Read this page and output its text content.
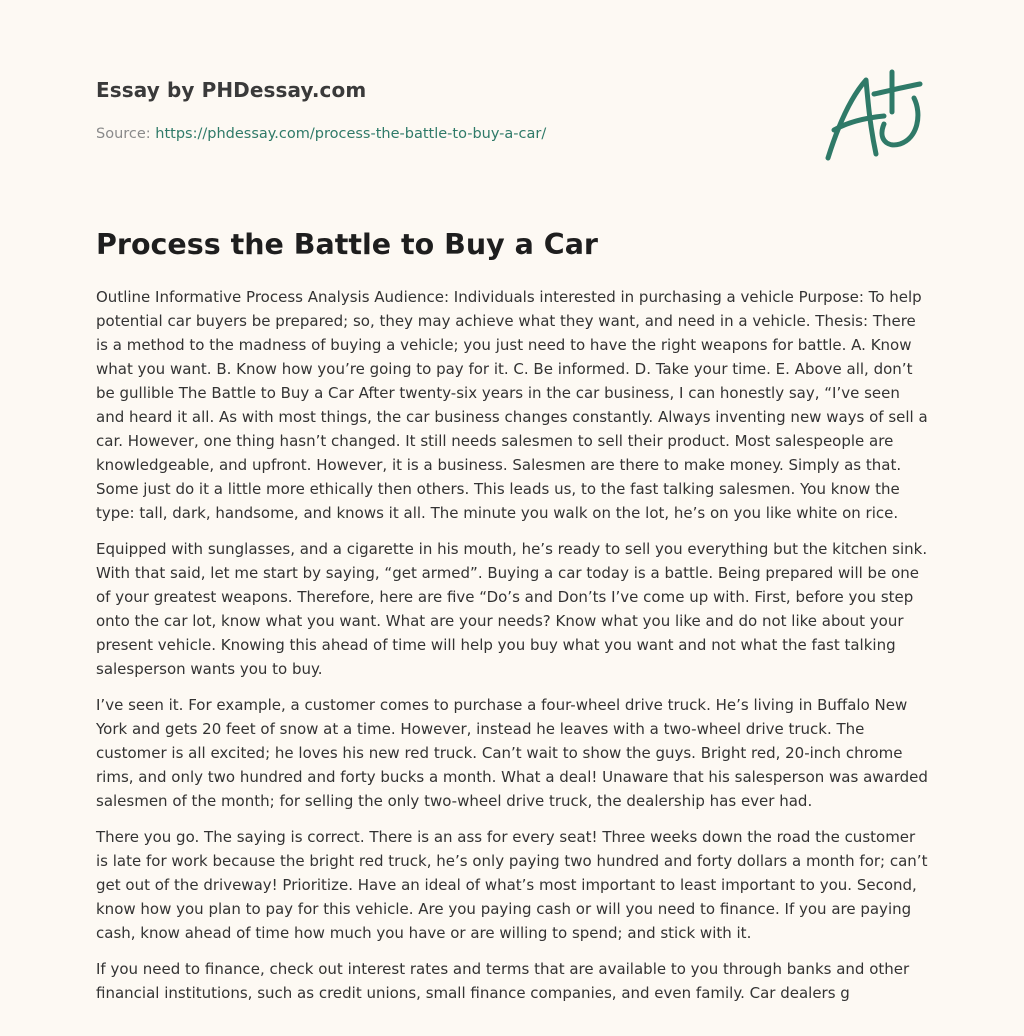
Essay by PHDessay.com
Source: https://phdessay.com/process-the-battle-to-buy-a-car/
Process the Battle to Buy a Car

Outline Informative Process Analysis Audience: Individuals interested in purchasing a vehicle Purpose: To help potential car buyers be prepared; so, they may achieve what they want, and need in a vehicle. Thesis: There is a method to the madness of buying a vehicle; you just need to have the right weapons for battle. A. Know what you want. B. Know how you’re going to pay for it. C. Be informed. D. Take your time. E. Above all, don’t be gullible The Battle to Buy a Car After twenty-six years in the car business, I can honestly say, “I’ve seen and heard it all. As with most things, the car business changes constantly. Always inventing new ways of sell a car. However, one thing hasn’t changed. It still needs salesmen to sell their product. Most salespeople are knowledgeable, and upfront. However, it is a business. Salesmen are there to make money. Simply as that. Some just do it a little more ethically then others. This leads us, to the fast talking salesmen. You know the type: tall, dark, handsome, and knows it all. The minute you walk on the lot, he’s on you like white on rice.

Equipped with sunglasses, and a cigarette in his mouth, he’s ready to sell you everything but the kitchen sink. With that said, let me start by saying, “get armed”. Buying a car today is a battle. Being prepared will be one of your greatest weapons. Therefore, here are five “Do’s and Don’ts I’ve come up with. First, before you step onto the car lot, know what you want. What are your needs? Know what you like and do not like about your present vehicle. Knowing this ahead of time will help you buy what you want and not what the fast talking salesperson wants you to buy.

I’ve seen it. For example, a customer comes to purchase a four-wheel drive truck. He’s living in Buffalo New York and gets 20 feet of snow at a time. However, instead he leaves with a two-wheel drive truck. The customer is all excited; he loves his new red truck. Can’t wait to show the guys. Bright red, 20-inch chrome rims, and only two hundred and forty bucks a month. What a deal! Unaware that his salesperson was awarded salesmen of the month; for selling the only two-wheel drive truck, the dealership has ever had.

There you go. The saying is correct. There is an ass for every seat! Three weeks down the road the customer is late for work because the bright red truck, he’s only paying two hundred and forty dollars a month for; can’t get out of the driveway! Prioritize. Have an ideal of what’s most important to least important to you. Second, know how you plan to pay for this vehicle. Are you paying cash or will you need to finance. If you are paying cash, know ahead of time how much you have or are willing to spend; and stick with it.

If you need to finance, check out interest rates and terms that are available to you through banks and other financial institutions, such as credit unions, small finance companies, and even family. Car dealers g
